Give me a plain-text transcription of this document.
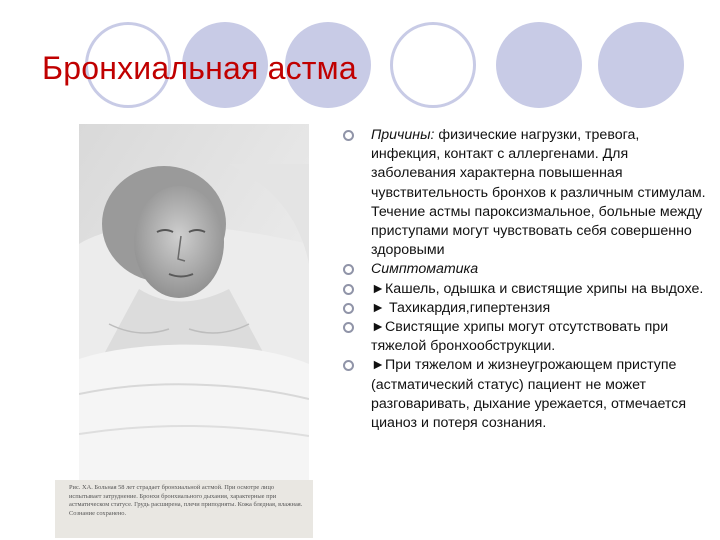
Бронхиальная астма
Рис. ХА. Больная 58 лет страдает бронхиальной астмой. При осмотре лицо испытывает затруднение. Бронхи бронхиального дыхания, характерные при астматическом статусе. Грудь расширена, плечи приподняты. Кожа бледная, влажная. Сознание сохранено.
Причины: физические нагрузки, тревога, инфекция, контакт с аллергенами. Для заболевания характерна повышенная чувствительность бронхов к различным стимулам. Течение астмы пароксизмальное, больные между приступами могут чувствовать себя совершенно здоровыми
Симптоматика
►Кашель, одышка и свистящие хрипы на выдохе.
► Тахикардия,гипертензия
►Свистящие хрипы могут отсутствовать при тяжелой бронхообструкции.
►При тяжелом и жизнеугрожающем приступе (астматический статус) пациент не может разговаривать, дыхание урежается, отмечается цианоз и потеря сознания.
